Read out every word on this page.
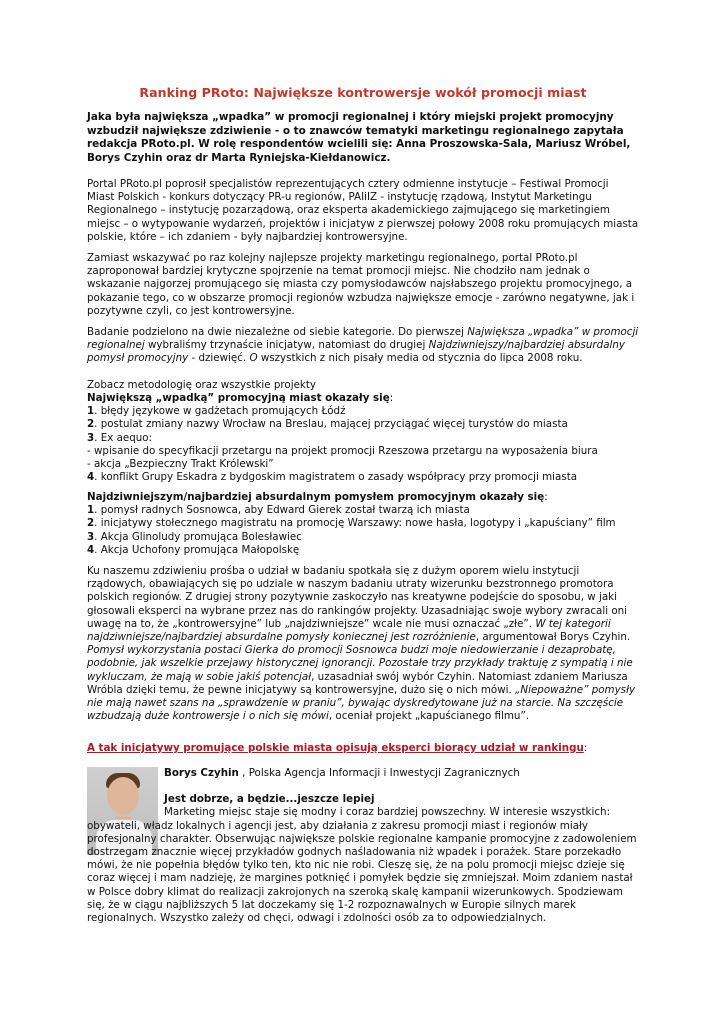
Ranking PRoto: Największe kontrowersje wokół promocji miast

Jaka była największa „wpadka” w promocji regionalnej i który miejski projekt promocyjny wzbudził największe zdziwienie - o to znawców tematyki marketingu regionalnego zapytała redakcja PRoto.pl. W rolę respondentów wcielili się: Anna Proszowska-Sala, Mariusz Wróbel, Borys Czyhin oraz dr Marta Ryniejska-Kiełdanowicz.

Portal PRoto.pl poprosił specjalistów reprezentujących cztery odmienne instytucje – Festiwal Promocji Miast Polskich - konkurs dotyczący PR-u regionów, PAIiIZ - instytucję rządową, Instytut Marketingu Regionalnego – instytucję pozarządową, oraz eksperta akademickiego zajmującego się marketingiem miejsc – o wytypowanie wydarzeń, projektów i inicjatyw z pierwszej połowy 2008 roku promujących miasta polskie, które – ich zdaniem - były najbardziej kontrowersyjne.

Zamiast wskazywać po raz kolejny najlepsze projekty marketingu regionalnego, portal PRoto.pl zaproponował bardziej krytyczne spojrzenie na temat promocji miejsc. Nie chodziło nam jednak o wskazanie najgorzej promującego się miasta czy pomysłodawców najsłabszego projektu promocyjnego, a pokazanie tego, co w obszarze promocji regionów wzbudza największe emocje - zarówno negatywne, jak i pozytywne czyli, co jest kontrowersyjne.

Badanie podzielono na dwie niezależne od siebie kategorie. Do pierwszej Największa „wpadka” w promocji regionalnej wybraliśmy trzynaście inicjatyw, natomiast do drugiej Najdziwniejszy/najbardziej absurdalny pomysł promocyjny - dziewięć. O wszystkich z nich pisały media od stycznia do lipca 2008 roku.

Zobacz metodologię oraz wszystkie projekty

Największą „wpadką” promocyjną miast okazały się:

1. błędy językowe w gadżetach promujących Łódź

2. postulat zmiany nazwy Wrocław na Breslau, mającej przyciągać więcej turystów do miasta

3. Ex aequo:

- wpisanie do specyfikacji przetargu na projekt promocji Rzeszowa przetargu na wyposażenia biura

- akcja „Bezpieczny Trakt Królewski”

4. konflikt Grupy Eskadra z bydgoskim magistratem o zasady współpracy przy promocji miasta

Najdziwniejszym/najbardziej absurdalnym pomysłem promocyjnym okazały się:

1. pomysł radnych Sosnowca, aby Edward Gierek został twarzą ich miasta

2. inicjatywy stołecznego magistratu na promocję Warszawy: nowe hasła, logotypy i „kapuściany” film

3. Akcja Glinoludy promująca Bolesławiec

4. Akcja Uchofony promująca Małopolskę

Ku naszemu zdziwieniu prośba o udział w badaniu spotkała się z dużym oporem wielu instytucji rządowych, obawiających się po udziale w naszym badaniu utraty wizerunku bezstronnego promotora polskich regionów. Z drugiej strony pozytywnie zaskoczyło nas kreatywne podejście do sposobu, w jaki głosowali eksperci na wybrane przez nas do rankingów projekty. Uzasadniając swoje wybory zwracali oni uwagę na to, że „kontrowersyjne” lub „najdziwniejsze” wcale nie musi oznaczać „złe”. W tej kategorii najdziwniejsze/najbardziej absurdalne pomysły koniecznej jest rozróżnienie, argumentował Borys Czyhin. Pomysł wykorzystania postaci Gierka do promocji Sosnowca budzi moje niedowierzanie i dezaprobatę, podobnie, jak wszelkie przejawy historycznej ignorancji. Pozostałe trzy przykłady traktuję z sympatią i nie wykluczam, że mają w sobie jakiś potencjał, uzasadniał swój wybór Czyhin. Natomiast zdaniem Mariusza Wróbla dzięki temu, że pewne inicjatywy są kontrowersyjne, dużo się o nich mówi. „Niepoważne” pomysły nie mają nawet szans na „sprawdzenie w praniu”, bywając dyskredytowane już na starcie. Na szczęście wzbudzają duże kontrowersje i o nich się mówi, oceniał projekt „kapuścianego filmu”.

A tak inicjatywy promujące polskie miasta opisują eksperci biorący udział w rankingu:

Borys Czyhin , Polska Agencja Informacji i Inwestycji Zagranicznych

Jest dobrze, a będzie...jeszcze lepiej

Marketing miejsc staje się modny i coraz bardziej powszechny. W interesie wszystkich: obywateli, władz lokalnych i agencji jest, aby działania z zakresu promocji miast i regionów miały profesjonalny charakter. Obserwując największe polskie regionalne kampanie promocyjne z zadowoleniem dostrzegam znacznie więcej przykładów godnych naśladowania niż wpadek i porażek. Stare porzekadło mówi, że nie popełnia błędów tylko ten, kto nic nie robi. Cieszę się, że na polu promocji miejsc dzieje się coraz więcej i mam nadzieję, że margines potknięć i pomyłek będzie się zmniejszał. Moim zdaniem nastał w Polsce dobry klimat do realizacji zakrojonych na szeroką skalę kampanii wizerunkowych. Spodziewam się, że w ciągu najbliższych 5 lat doczekamy się 1-2 rozpoznawalnych w Europie silnych marek regionalnych. Wszystko zależy od chęci, odwagi i zdolności osób za to odpowiedzialnych.
